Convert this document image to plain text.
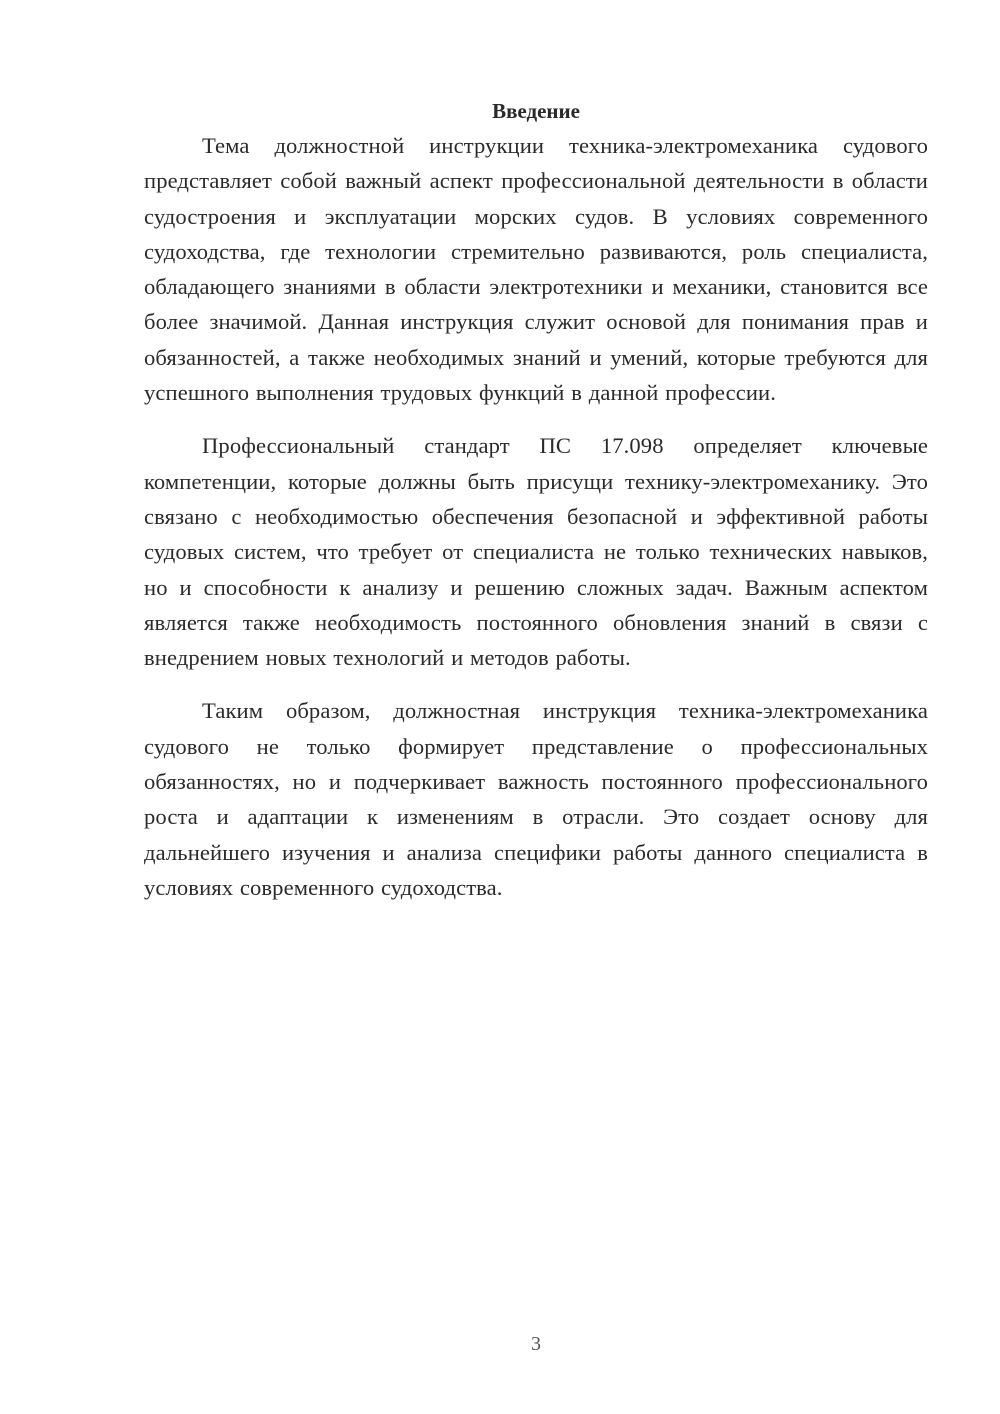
Введение

Тема должностной инструкции техника-электромеханика судового представляет собой важный аспект профессиональной деятельности в области судостроения и эксплуатации морских судов. В условиях современного судоходства, где технологии стремительно развиваются, роль специалиста, обладающего знаниями в области электротехники и механики, становится все более значимой. Данная инструкция служит основой для понимания прав и обязанностей, а также необходимых знаний и умений, которые требуются для успешного выполнения трудовых функций в данной профессии.

Профессиональный стандарт ПС 17.098 определяет ключевые компетенции, которые должны быть присущи технику-электромеханику. Это связано с необходимостью обеспечения безопасной и эффективной работы судовых систем, что требует от специалиста не только технических навыков, но и способности к анализу и решению сложных задач. Важным аспектом является также необходимость постоянного обновления знаний в связи с внедрением новых технологий и методов работы.

Таким образом, должностная инструкция техника-электромеханика судового не только формирует представление о профессиональных обязанностях, но и подчеркивает важность постоянного профессионального роста и адаптации к изменениям в отрасли. Это создает основу для дальнейшего изучения и анализа специфики работы данного специалиста в условиях современного судоходства.

3
